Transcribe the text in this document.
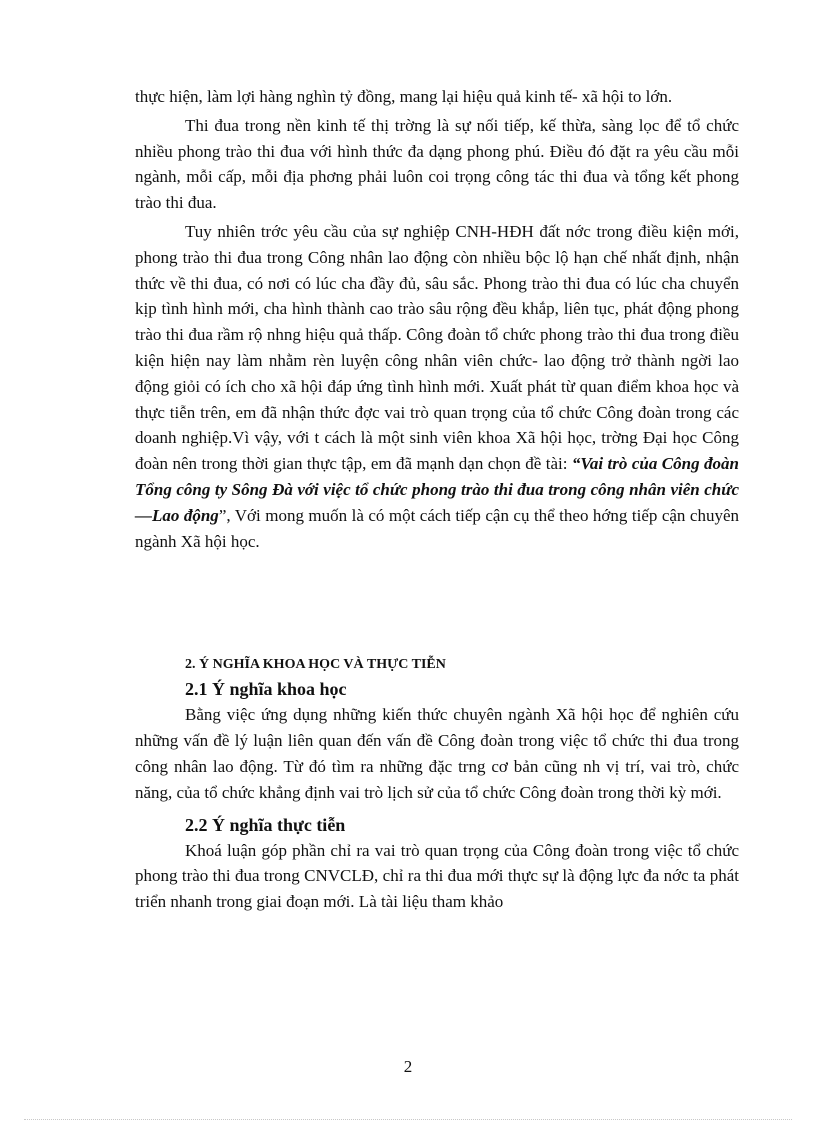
thực hiện, làm lợi hàng nghìn tỷ đồng, mang lại hiệu quả kinh tế- xã hội to lớn.

Thi đua trong nền kinh tế thị trờng là sự nối tiếp, kế thừa, sàng lọc để tổ chức nhiều phong trào thi đua với hình thức đa dạng phong phú. Điều đó đặt ra yêu cầu mỗi ngành, mỗi cấp, mỗi địa phơng phải luôn coi trọng công tác thi đua và tổng kết phong trào thi đua.

Tuy nhiên trớc yêu cầu của sự nghiệp CNH-HĐH đất nớc trong điều kiện mới, phong trào thi đua trong Công nhân lao động còn nhiều bộc lộ hạn chế nhất định, nhận thức về thi đua, có nơi có lúc cha đầy đủ, sâu sắc. Phong trào thi đua có lúc cha chuyển kịp tình hình mới, cha hình thành cao trào sâu rộng đều khắp, liên tục, phát động phong trào thi đua rầm rộ nhng hiệu quả thấp. Công đoàn tổ chức phong trào thi đua trong điều kiện hiện nay làm nhằm rèn luyện công nhân viên chức- lao động trở thành ngời lao động giỏi có ích cho xã hội đáp ứng tình hình mới. Xuất phát từ quan điểm khoa học và thực tiễn trên, em đã nhận thức đợc vai trò quan trọng của tổ chức Công đoàn trong các doanh nghiệp.Vì vậy, với t cách là một sinh viên khoa Xã hội học, trờng Đại học Công đoàn nên trong thời gian thực tập, em đã mạnh dạn chọn đề tài: “Vai trò của Công đoàn Tổng công ty Sông Đà với việc tổ chức phong trào thi đua trong công nhân viên chức —Lao động”, Với mong muốn là có một cách tiếp cận cụ thể theo hớng tiếp cận chuyên ngành Xã hội học.

2. Ý NGHĨA KHOA HỌC VÀ THỰC TIỄN
2.1 Ý nghĩa khoa học

Bằng việc ứng dụng những kiến thức chuyên ngành Xã hội học để nghiên cứu những vấn đề lý luận liên quan đến vấn đề Công đoàn trong việc tổ chức thi đua trong công nhân lao động. Từ đó tìm ra những đặc trng cơ bản cũng nh vị trí, vai trò, chức năng, của tổ chức khẳng định vai trò lịch sử của tổ chức Công đoàn trong thời kỳ mới.

2.2 Ý nghĩa thực tiễn

Khoá luận góp phần chỉ ra vai trò quan trọng của Công đoàn trong việc tổ chức phong trào thi đua trong CNVCLĐ, chỉ ra thi đua mới thực sự là động lực đa nớc ta phát triển nhanh trong giai đoạn mới. Là tài liệu tham khảo

2
